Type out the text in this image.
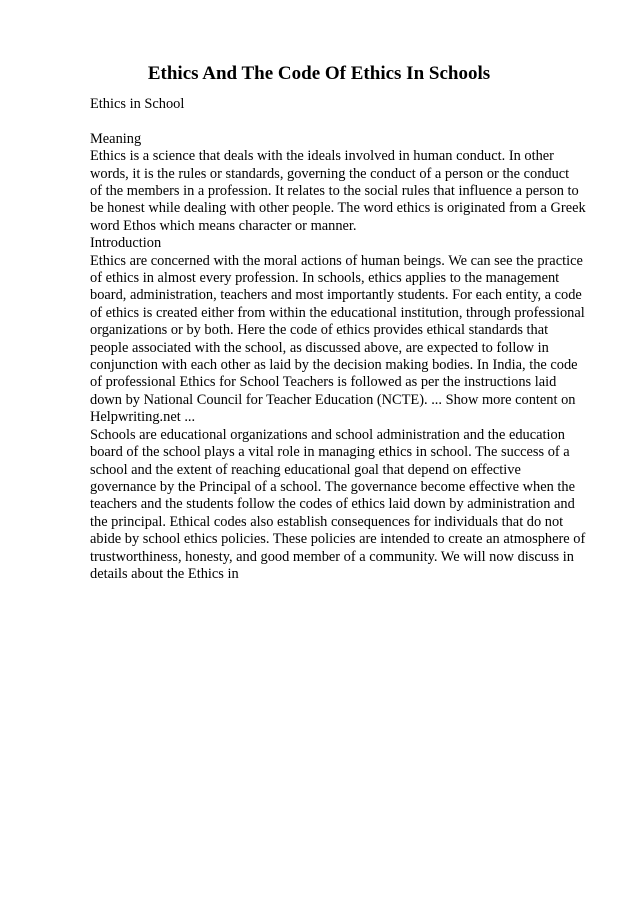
Ethics And The Code Of Ethics In Schools
Ethics in School
Meaning
Ethics is a science that deals with the ideals involved in human conduct. In other
words, it is the rules or standards, governing the conduct of a person or the conduct
of the members in a profession. It relates to the social rules that influence a person to
be honest while dealing with other people. The word ethics is originated from a Greek
word Ethos which means character or manner.
Introduction
Ethics are concerned with the moral actions of human beings. We can see the practice
of ethics in almost every profession. In schools, ethics applies to the management
board, administration, teachers and most importantly students. For each entity, a code
of ethics is created either from within the educational institution, through professional
organizations or by both. Here the code of ethics provides ethical standards that
people associated with the school, as discussed above, are expected to follow in
conjunction with each other as laid by the decision making bodies. In India, the code
of professional Ethics for School Teachers is followed as per the instructions laid
down by National Council for Teacher Education (NCTE). ... Show more content on
Helpwriting.net ...
Schools are educational organizations and school administration and the education
board of the school plays a vital role in managing ethics in school. The success of a
school and the extent of reaching educational goal that depend on effective
governance by the Principal of a school. The governance become effective when the
teachers and the students follow the codes of ethics laid down by administration and
the principal. Ethical codes also establish consequences for individuals that do not
abide by school ethics policies. These policies are intended to create an atmosphere of
trustworthiness, honesty, and good member of a community. We will now discuss in
details about the Ethics in
